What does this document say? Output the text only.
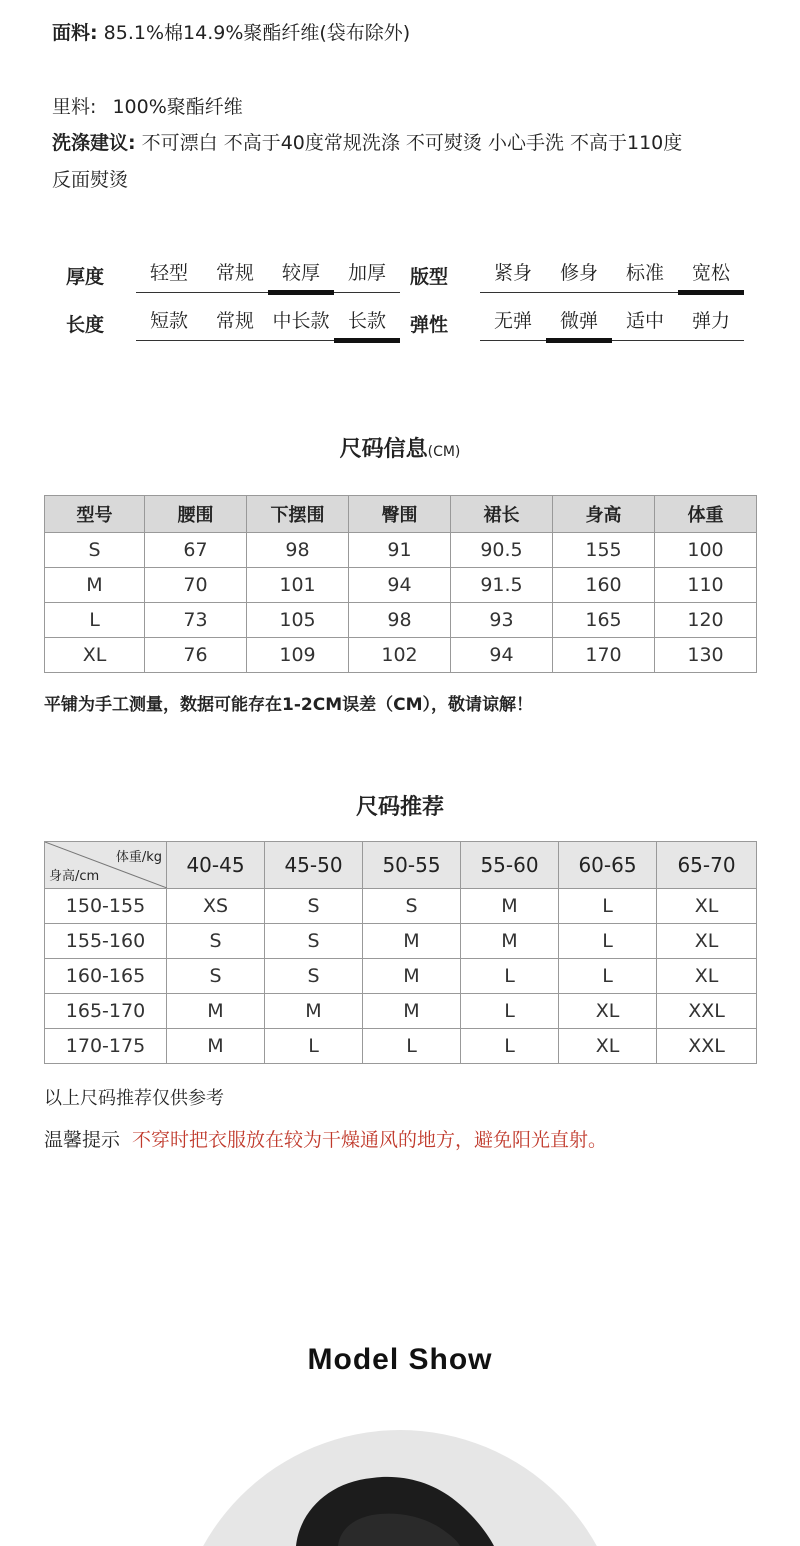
面料: 85.1%棉14.9%聚酯纤维(袋布除外)
里料: 100%聚酯纤维
洗涤建议: 不可漂白 不高于40度常规洗涤 不可熨烫 小心手洗 不高于110度
反面熨烫
厚度	轻型	常规	较厚	加厚	版型	紧身	修身	标准	宽松
长度	短款	常规 中长款 长款	弹性	无弹	微弹	适中	弹力
尺码信息(CM)
型号	腰围	下摆围	臀围	裙长	身高	体重
S	67	98	91	90.5	155	100
M	70	101	94	91.5	160	110
L	73	105	98	93	165	120
XL	76	109	102	94	170	130
平铺为手工测量，数据可能存在1-2CM误差（CM），敬请谅解！
尺码推荐
体重/kg
身高/cm	40-45	45-50	50-55	55-60	60-65	65-70
150-155	XS	S	S	M	L	XL
155-160	S	S	M	M	L	XL
160-165	S	S	M	L	L	XL
165-170	M	M	M	L	XL	XXL
170-175	M	L	L	L	XL	XXL
以上尺码推荐仅供参考
温馨提示 不穿时把衣服放在较为干燥通风的地方，避免阳光直射。
Model Show
